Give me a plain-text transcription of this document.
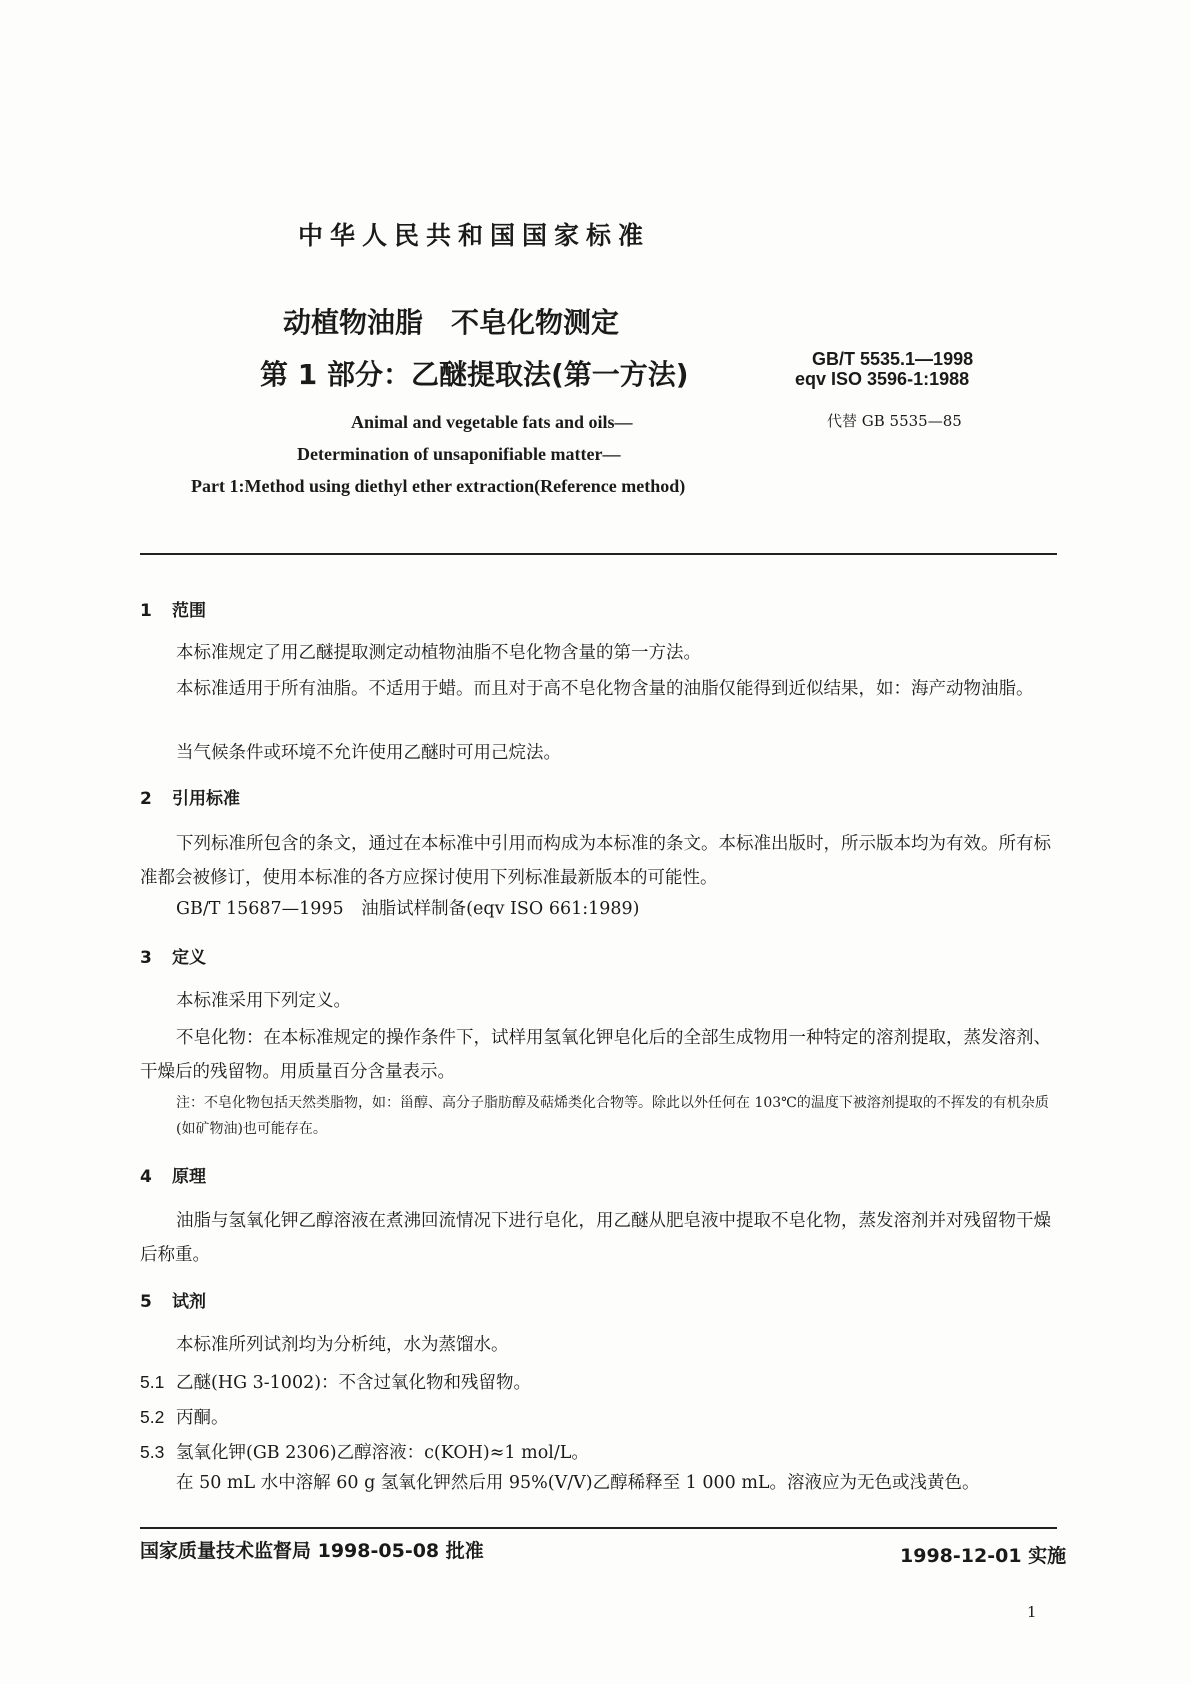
中华人民共和国国家标准
动植物油脂　不皂化物测定
第 1 部分：乙醚提取法(第一方法)	GB/T 5535.1—1998
eqv ISO 3596-1:1988
代替 GB 5535—85
Animal and vegetable fats and oils—
Determination of unsaponifiable matter—
Part 1:Method using diethyl ether extraction(Reference method)
1 范围
本标准规定了用乙醚提取测定动植物油脂不皂化物含量的第一方法。
本标准适用于所有油脂。不适用于蜡。而且对于高不皂化物含量的油脂仅能得到近似结果，如：海产动物油脂。
当气候条件或环境不允许使用乙醚时可用己烷法。
2 引用标准
下列标准所包含的条文，通过在本标准中引用而构成为本标准的条文。本标准出版时，所示版本均为有效。所有标准都会被修订，使用本标准的各方应探讨使用下列标准最新版本的可能性。
GB/T 15687—1995　油脂试样制备(eqv ISO 661:1989)
3 定义
本标准采用下列定义。
不皂化物：在本标准规定的操作条件下，试样用氢氧化钾皂化后的全部生成物用一种特定的溶剂提取，蒸发溶剂、干燥后的残留物。用质量百分含量表示。
注：不皂化物包括天然类脂物，如：甾醇、高分子脂肪醇及萜烯类化合物等。除此以外任何在 103℃的温度下被溶剂提取的不挥发的有机杂质(如矿物油)也可能存在。
4 原理
油脂与氢氧化钾乙醇溶液在煮沸回流情况下进行皂化，用乙醚从肥皂液中提取不皂化物，蒸发溶剂并对残留物干燥后称重。
5 试剂
本标准所列试剂均为分析纯，水为蒸馏水。
5.1 乙醚(HG 3-1002)：不含过氧化物和残留物。
5.2 丙酮。
5.3 氢氧化钾(GB 2306)乙醇溶液：c(KOH)≈1 mol/L。
在 50 mL 水中溶解 60 g 氢氧化钾然后用 95%(V/V)乙醇稀释至 1 000 mL。溶液应为无色或浅黄色。
国家质量技术监督局 1998-05-08 批准	1998-12-01 实施
1
